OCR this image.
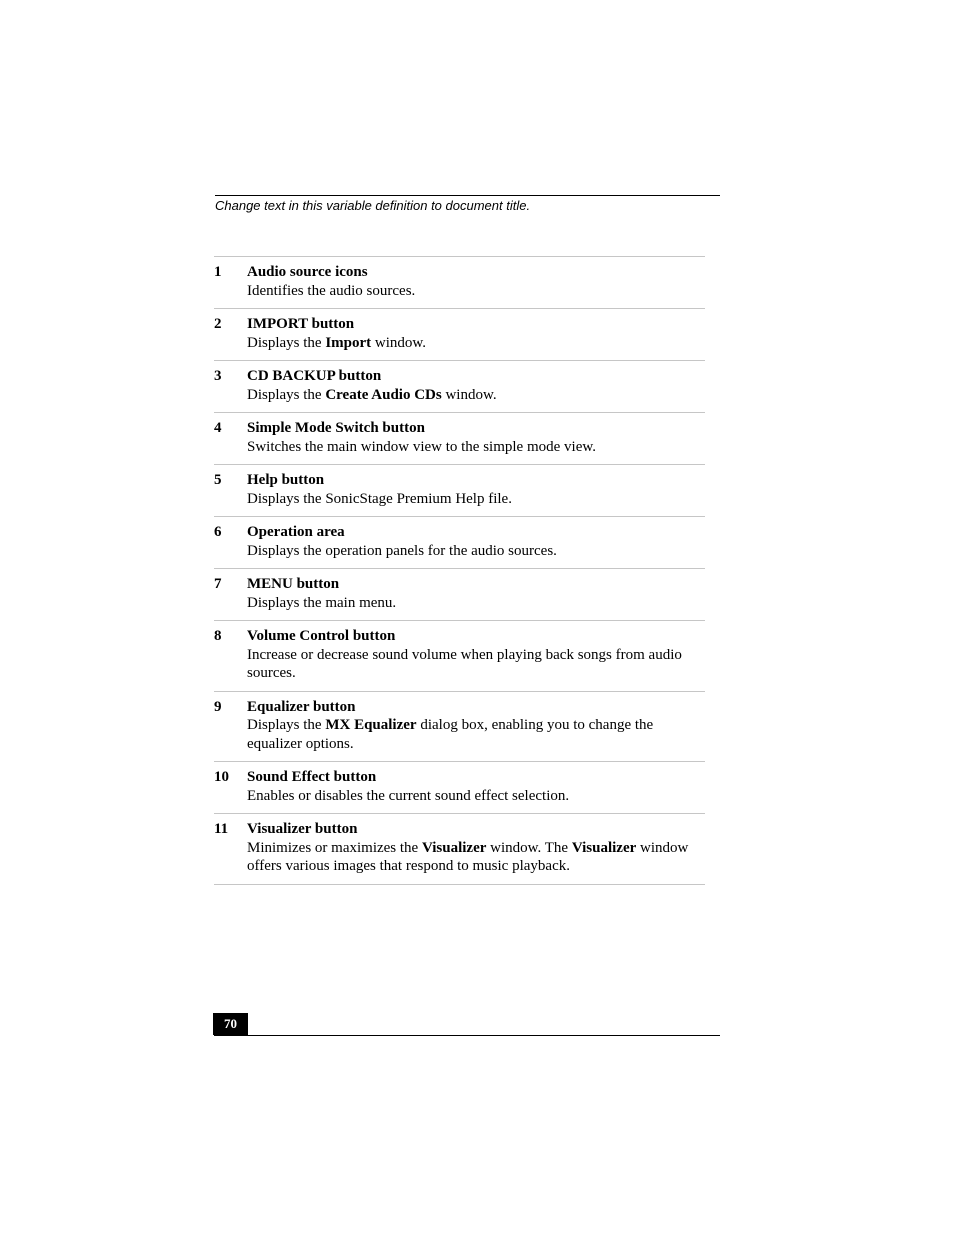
Change text in this variable definition to document title.
1	Audio source icons
Identifies the audio sources.
2	IMPORT button
Displays the Import window.
3	CD BACKUP button
Displays the Create Audio CDs window.
4	Simple Mode Switch button
Switches the main window view to the simple mode view.
5	Help button
Displays the SonicStage Premium Help file.
6	Operation area
Displays the operation panels for the audio sources.
7	MENU button
Displays the main menu.
8	Volume Control button
Increase or decrease sound volume when playing back songs from audio sources.
9	Equalizer button
Displays the MX Equalizer dialog box, enabling you to change the equalizer options.
10	Sound Effect button
Enables or disables the current sound effect selection.
11	Visualizer button
Minimizes or maximizes the Visualizer window. The Visualizer window offers various images that respond to music playback.
70
